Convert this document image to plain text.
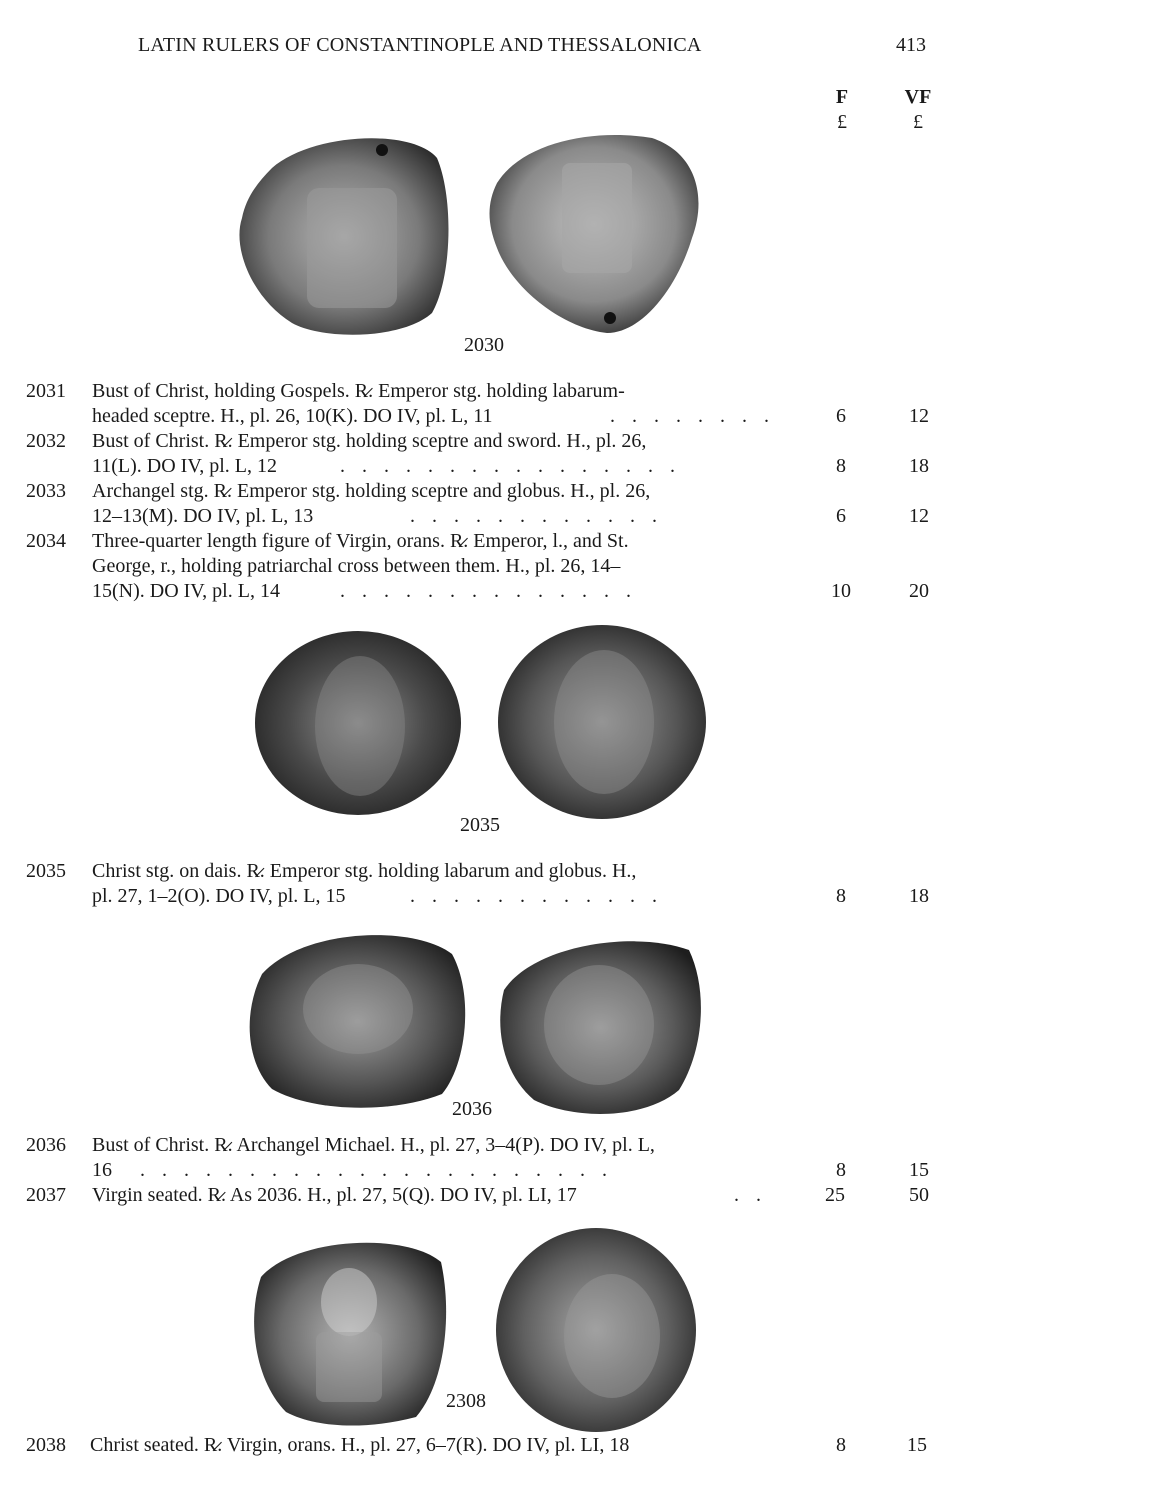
LATIN RULERS OF CONSTANTINOPLE AND THESSALONICA	413
F	VF
£	£
2030
2031	Bust of Christ, holding Gospels. R̷. Emperor stg. holding labarum-
headed sceptre. H., pl. 26, 10(K). DO IV, pl. L, 11	. . . . . . . .	6	12
2032	Bust of Christ. R̷. Emperor stg. holding sceptre and sword. H., pl. 26,
11(L). DO IV, pl. L, 12	. . . . . . . . . . . . . . . .	8	18
2033	Archangel stg. R̷. Emperor stg. holding sceptre and globus. H., pl. 26,
12–13(M). DO IV, pl. L, 13	. . . . . . . . . . . .	6	12
2034	Three-quarter length figure of Virgin, orans. R̷. Emperor, l., and St.
George, r., holding patriarchal cross between them. H., pl. 26, 14–
15(N). DO IV, pl. L, 14	. . . . . . . . . . . . . .	10	20
2035
2035	Christ stg. on dais. R̷. Emperor stg. holding labarum and globus. H.,
pl. 27, 1–2(O). DO IV, pl. L, 15	. . . . . . . . . . . .	8	18
2036
2036	Bust of Christ. R̷. Archangel Michael. H., pl. 27, 3–4(P). DO IV, pl. L,
16 . . . . . . . . . . . . . . . . . . . . . .	8	15
2037	Virgin seated. R̷. As 2036. H., pl. 27, 5(Q). DO IV, pl. LI, 17	. .	25	50
2308
2038	Christ seated. R̷. Virgin, orans. H., pl. 27, 6–7(R). DO IV, pl. LI, 18	8	15
